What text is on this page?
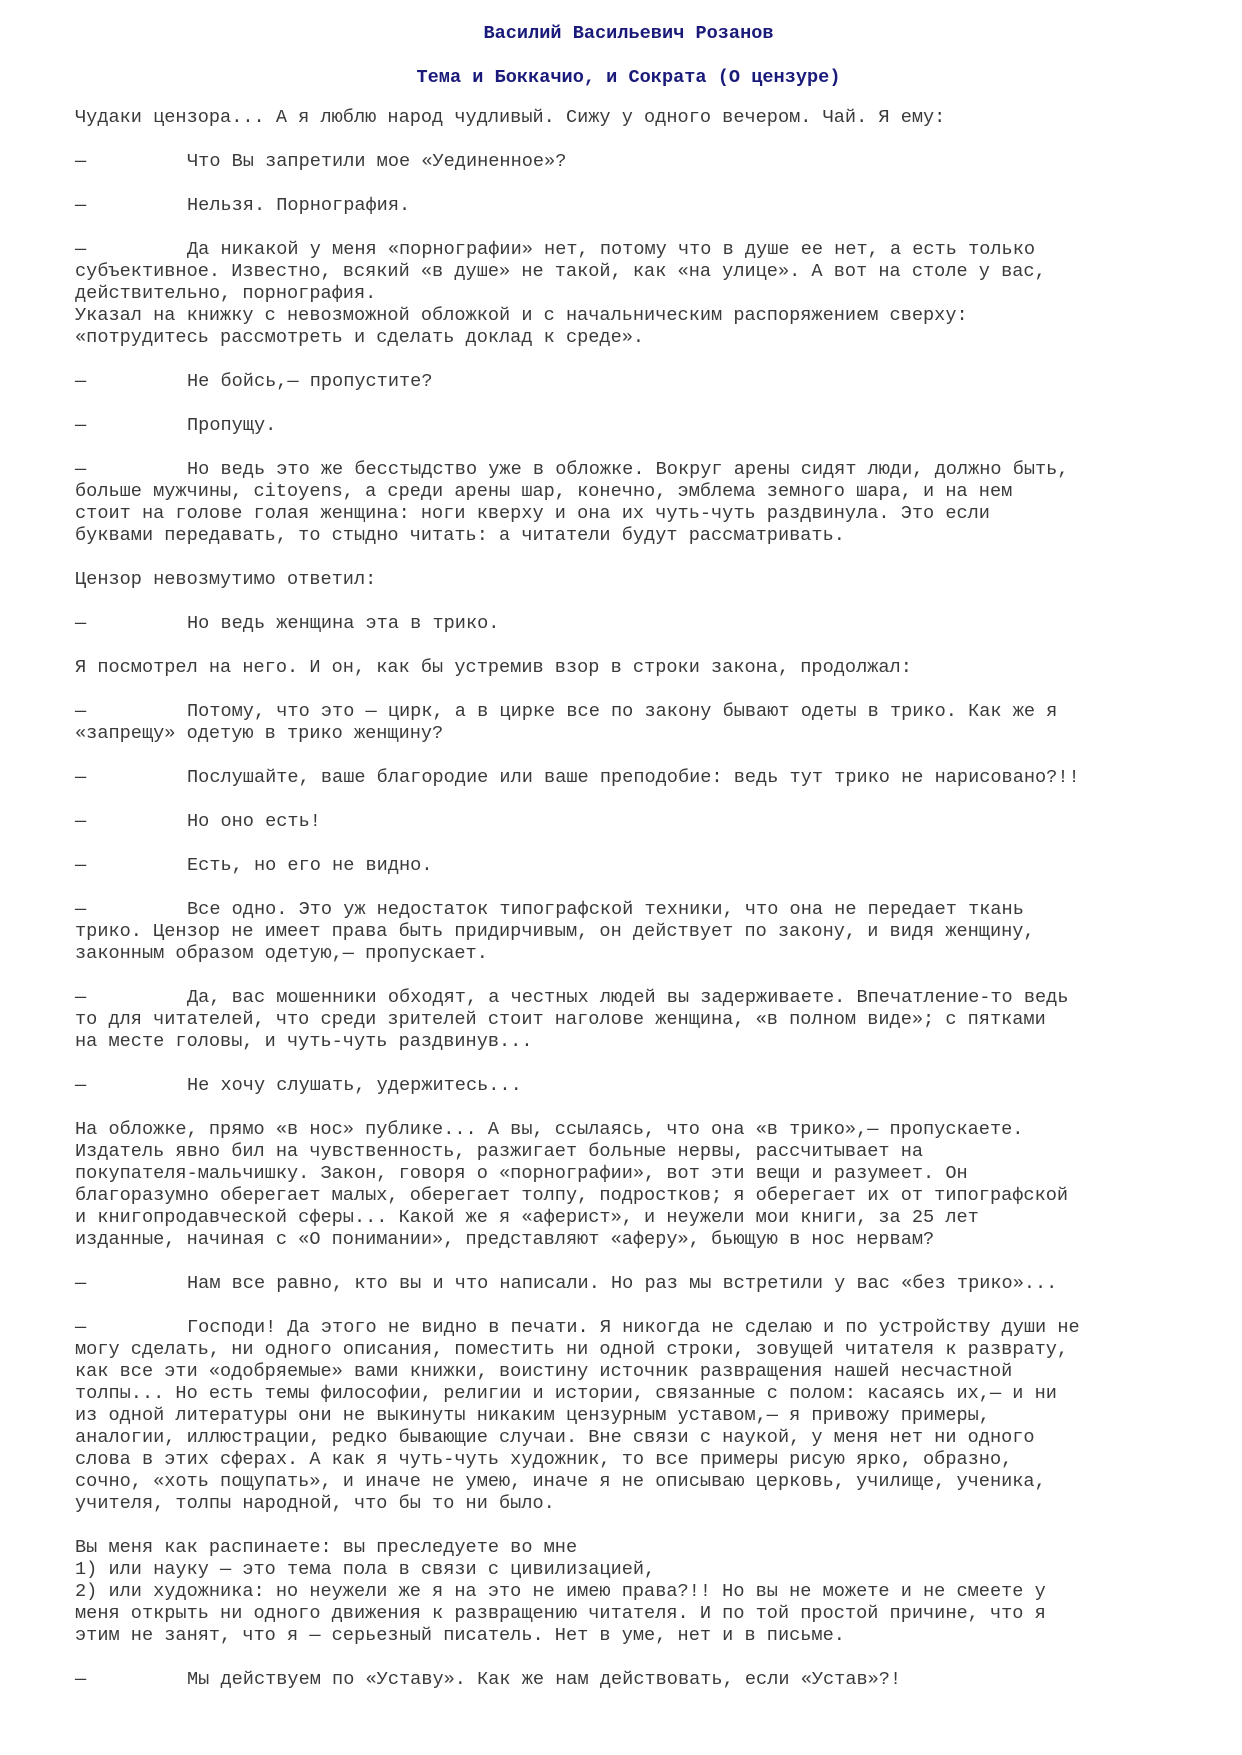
Василий Васильевич Розанов

Тема и Боккачио, и Сократа (О цензуре)

Чудаки цензора... А я люблю народ чудливый. Сижу у одного вечером. Чай. Я ему:
—	Что Вы запретили мое «Уединенное»?
—	Нельзя. Порнография.
—	Да никакой у меня «порнографии» нет, потому что в душе ее нет, а есть только
субъективное. Известно, всякий «в душе» не такой, как «на улице». А вот на столе у вас,
действительно, порнография.
Указал на книжку с невозможной обложкой и с начальническим распоряжением сверху:
«потрудитесь рассмотреть и сделать доклад к среде».
—	Не бойсь,— пропустите?
—	Пропущу.
—	Но ведь это же бесстыдство уже в обложке. Вокруг арены сидят люди, должно быть,
больше мужчины, citoyens, а среди арены шар, конечно, эмблема земного шара, и на нем
стоит на голове голая женщина: ноги кверху и она их чуть-чуть раздвинула. Это если
буквами передавать, то стыдно читать: а читатели будут рассматривать.
Цензор невозмутимо ответил:
—	Но ведь женщина эта в трико.
Я посмотрел на него. И он, как бы устремив взор в строки закона, продолжал:
—	Потому, что это — цирк, а в цирке все по закону бывают одеты в трико. Как же я
«запрещу» одетую в трико женщину?
—	Послушайте, ваше благородие или ваше преподобие: ведь тут трико не нарисовано?!!
—	Но оно есть!
—	Есть, но его не видно.
—	Все одно. Это уж недостаток типографской техники, что она не передает ткань
трико. Цензор не имеет права быть придирчивым, он действует по закону, и видя женщину,
законным образом одетую,— пропускает.
—	Да, вас мошенники обходят, а честных людей вы задерживаете. Впечатление-то ведь
то для читателей, что среди зрителей стоит наголове женщина, «в полном виде»; с пятками
на месте головы, и чуть-чуть раздвинув...
—	Не хочу слушать, удержитесь...
На обложке, прямо «в нос» публике... А вы, ссылаясь, что она «в трико»,— пропускаете.
Издатель явно бил на чувственность, разжигает больные нервы, рассчитывает на
покупателя-мальчишку. Закон, говоря о «порнографии», вот эти вещи и разумеет. Он
благоразумно оберегает малых, оберегает толпу, подростков; я оберегает их от типографской
и книгопродавческой сферы... Какой же я «аферист», и неужели мои книги, за 25 лет
изданные, начиная с «О понимании», представляют «аферу», бьющую в нос нервам?
—	Нам все равно, кто вы и что написали. Но раз мы встретили у вас «без трико»...
—	Господи! Да этого не видно в печати. Я никогда не сделаю и по устройству души не
могу сделать, ни одного описания, поместить ни одной строки, зовущей читателя к разврату,
как все эти «одобряемые» вами книжки, воистину источник развращения нашей несчастной
толпы... Но есть темы философии, религии и истории, связанные с полом: касаясь их,— и ни
из одной литературы они не выкинуты никаким цензурным уставом,— я привожу примеры,
аналогии, иллюстрации, редко бывающие случаи. Вне связи с наукой, у меня нет ни одного
слова в этих сферах. А как я чуть-чуть художник, то все примеры рисую ярко, образно,
сочно, «хоть пощупать», и иначе не умею, иначе я не описываю церковь, училище, ученика,
учителя, толпы народной, что бы то ни было.
Вы меня как распинаете: вы преследуете во мне
1) или науку — это тема пола в связи с цивилизацией,
2) или художника: но неужели же я на это не имею права?!! Но вы не можете и не смеете у
меня открыть ни одного движения к развращению читателя. И по той простой причине, что я
этим не занят, что я — серьезный писатель. Нет в уме, нет и в письме.
—	Мы действуем по «Уставу». Как же нам действовать, если «Устав»?!
